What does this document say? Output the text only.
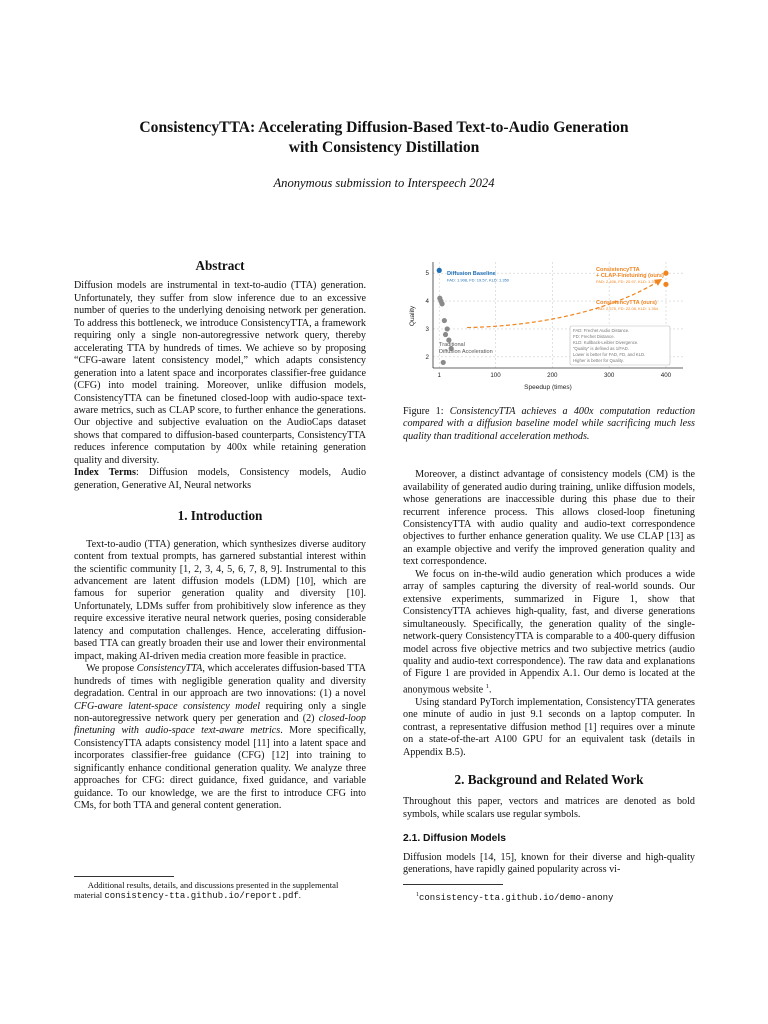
ConsistencyTTA: Accelerating Diffusion-Based Text-to-Audio Generation
with Consistency Distillation
Anonymous submission to Interspeech 2024
Abstract

Diffusion models are instrumental in text-to-audio (TTA) generation. Unfortunately, they suffer from slow inference due to an excessive number of queries to the underlying denoising network per generation. To address this bottleneck, we introduce ConsistencyTTA, a framework requiring only a single non-autoregressive network query, thereby accelerating TTA by hundreds of times. We achieve so by proposing “CFG-aware latent consistency model,” which adapts consistency generation into a latent space and incorporates classifier-free guidance (CFG) into model training. Moreover, unlike diffusion models, ConsistencyTTA can be finetuned closed-loop with audio-space text-aware metrics, such as CLAP score, to further enhance the generations. Our objective and subjective evaluation on the AudioCaps dataset shows that compared to diffusion-based counterparts, ConsistencyTTA reduces inference computation by 400x while retaining generation quality and diversity.

Index Terms: Diffusion models, Consistency models, Audio generation, Generative AI, Neural networks

1. Introduction

Text-to-audio (TTA) generation, which synthesizes diverse auditory content from textual prompts, has garnered substantial interest within the scientific community [1, 2, 3, 4, 5, 6, 7, 8, 9]. Instrumental to this advancement are latent diffusion models (LDM) [10], which are famous for superior generation quality and diversity [10]. Unfortunately, LDMs suffer from prohibitively slow inference as they require excessive iterative neural network queries, posing considerable latency and computation challenges. Hence, accelerating diffusion-based TTA can greatly broaden their use and lower their environmental impact, making AI-driven media creation more feasible in practice.

We propose ConsistencyTTA, which accelerates diffusion-based TTA hundreds of times with negligible generation quality and diversity degradation. Central in our approach are two innovations: (1) a novel CFG-aware latent-space consistency model requiring only a single non-autoregressive network query per generation and (2) closed-loop finetuning with audio-space text-aware metrics. More specifically, ConsistencyTTA adapts consistency model [11] into a latent space and incorporates classifier-free guidance (CFG) [12] into training to significantly enhance conditional generation quality. We analyze three approaches for CFG: direct guidance, fixed guidance, and variable guidance. To our knowledge, we are the first to introduce CFG into CMs, for both TTA and general content generation.

Additional results, details, and discussions presented in the supplemental material consistency-tta.github.io/report.pdf.
2
3
4
5
1	100	200	300	400
Diffusion Baseline
FAD: 1.908, FD: 19.57, KLD: 1.350
ConsistencyTTA
+ CLAP-Finetuning (ours)
FAD: 2.406, FD: 20.97, KLD: 1.358
ConsistencyTTA (ours)
FAD: 2.575, FD: 22.08, KLD: 1.354
Traditional
Diffusion Acceleration
FAD: Frechet Audio Distance.
FD: Frechet Distance.
KLD: Kullback-Leibler Divergence.
“Quality” is defined as 1/FAD.
Lower is better for FAD, FD, and KLD.
Higher is better for Quality.
Speedup (times)
Quality

Figure 1: ConsistencyTTA achieves a 400x computation reduction compared with a diffusion baseline model while sacrificing much less quality than traditional acceleration methods.

Moreover, a distinct advantage of consistency models (CM) is the availability of generated audio during training, unlike diffusion models, whose generations are inaccessible during this phase due to their recurrent inference process. This allows closed-loop finetuning ConsistencyTTA with audio quality and audio-text correspondence objectives to further enhance generation quality. We use CLAP [13] as an example objective and verify the improved generation quality and text correspondence.

We focus on in-the-wild audio generation which produces a wide array of samples capturing the diversity of real-world sounds. Our extensive experiments, summarized in Figure 1, show that ConsistencyTTA achieves high-quality, fast, and diverse generations simultaneously. Specifically, the generation quality of the single-network-query ConsistencyTTA is comparable to a 400-query diffusion model across five objective metrics and two subjective metrics (audio quality and audio-text correspondence). The raw data and explanations of Figure 1 are provided in Appendix A.1. Our demo is located at the anonymous website $^1$.

Using standard PyTorch implementation, ConsistencyTTA generates one minute of audio in just 9.1 seconds on a laptop computer. In contrast, a representative diffusion method [1] requires over a minute on a state-of-the-art A100 GPU for an equivalent task (details in Appendix B.5).

2. Background and Related Work

Throughout this paper, vectors and matrices are denoted as bold symbols, while scalars use regular symbols.

2.1. Diffusion Models

Diffusion models [14, 15], known for their diverse and high-quality generations, have rapidly gained popularity across vi-

$^1$consistency-tta.github.io/demo-anony
